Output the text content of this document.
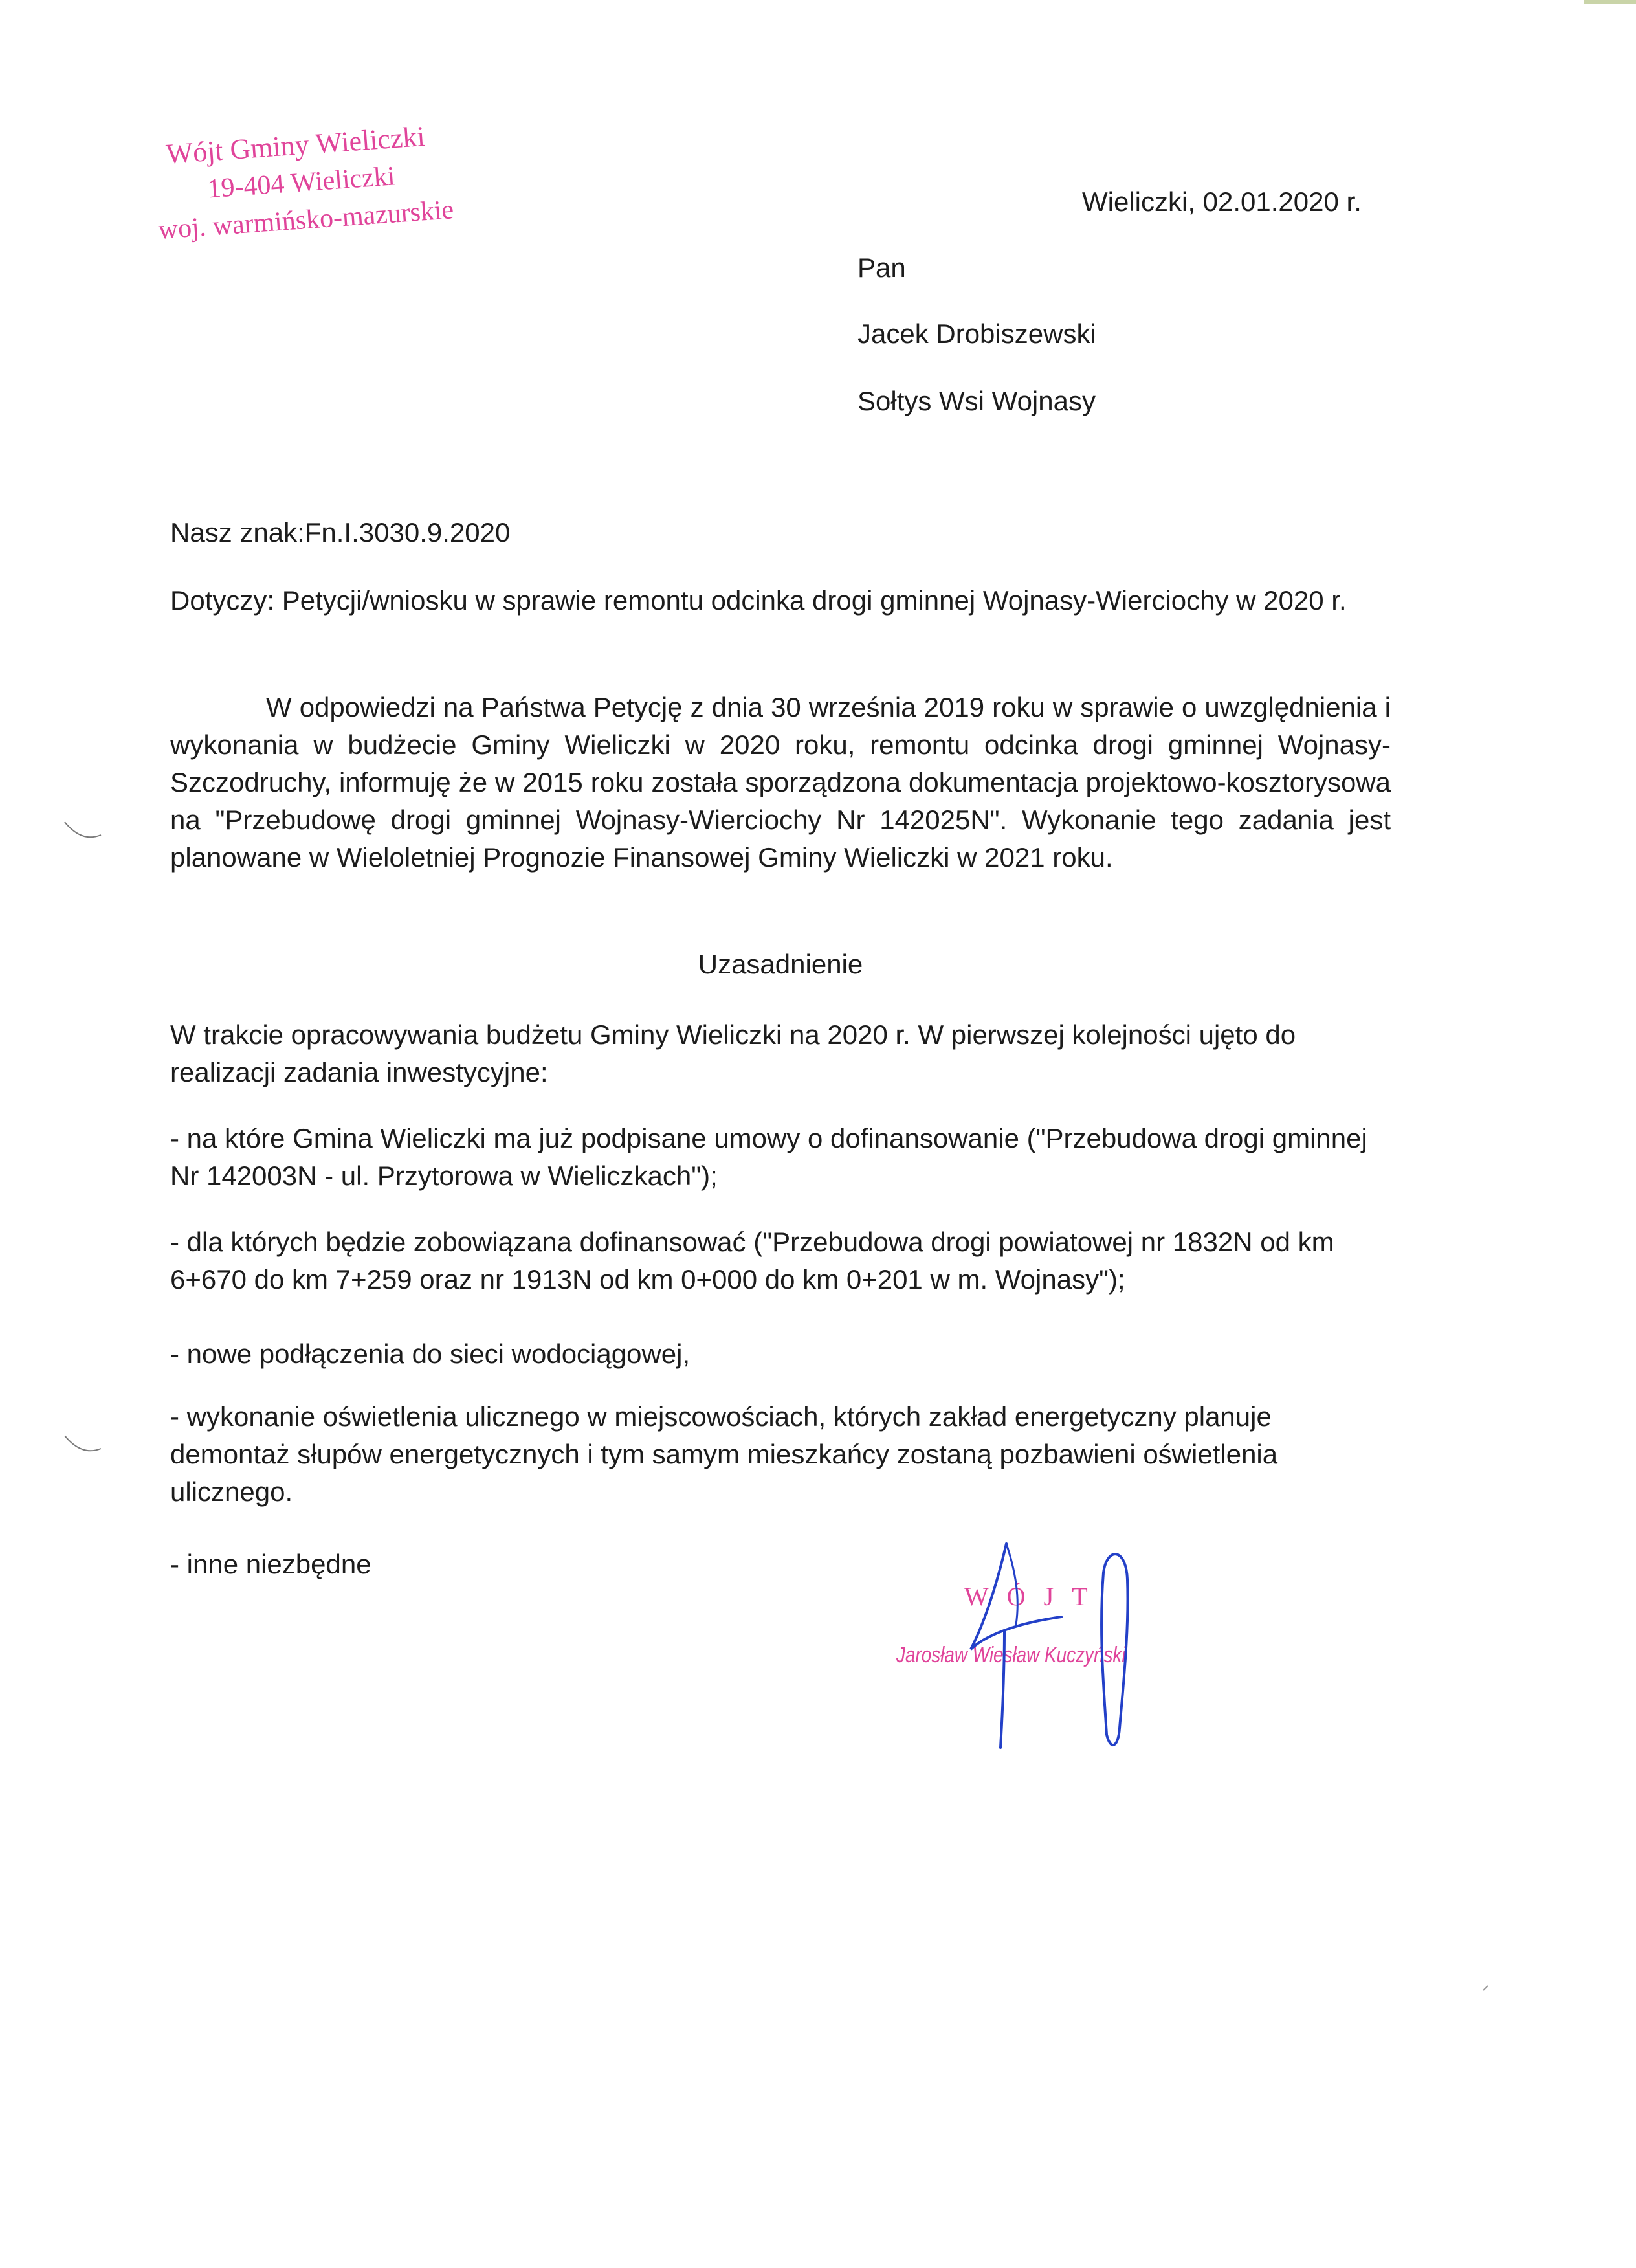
Wójt Gminy Wieliczki
19-404 Wieliczki
woj. warmińsko-mazurskie	Wieliczki, 02.01.2020 r.
Pan
Jacek Drobiszewski
Sołtys Wsi Wojnasy
Nasz znak:Fn.I.3030.9.2020

Dotyczy: Petycji/wniosku w sprawie remontu odcinka drogi gminnej Wojnasy-Wierciochy w 2020 r.

W odpowiedzi na Państwa Petycję z dnia 30 września 2019 roku w sprawie o uwzględnienia i wykonania w budżecie Gminy Wieliczki w 2020 roku, remontu odcinka drogi gminnej Wojnasy-Szczodruchy, informuję że w 2015 roku została sporządzona dokumentacja projektowo-kosztorysowa na "Przebudowę drogi gminnej Wojnasy-Wierciochy Nr 142025N". Wykonanie tego zadania jest planowane w Wieloletniej Prognozie Finansowej Gminy Wieliczki w 2021 roku.

Uzasadnienie

W trakcie opracowywania budżetu Gminy Wieliczki na 2020 r. W pierwszej kolejności ujęto do realizacji zadania inwestycyjne:

- na które Gmina Wieliczki ma już podpisane umowy o dofinansowanie ("Przebudowa drogi gminnej Nr 142003N - ul. Przytorowa w Wieliczkach");

- dla których będzie zobowiązana dofinansować ("Przebudowa drogi powiatowej nr 1832N od km 6+670 do km 7+259 oraz nr 1913N od km 0+000 do km 0+201 w m. Wojnasy");

- nowe podłączenia do sieci wodociągowej,

- wykonanie oświetlenia ulicznego w miejscowościach, których zakład energetyczny planuje demontaż słupów energetycznych i tym samym mieszkańcy zostaną pozbawieni oświetlenia ulicznego.

- inne niezbędne

WÓJT
Jarosław Wiesław Kuczyński
